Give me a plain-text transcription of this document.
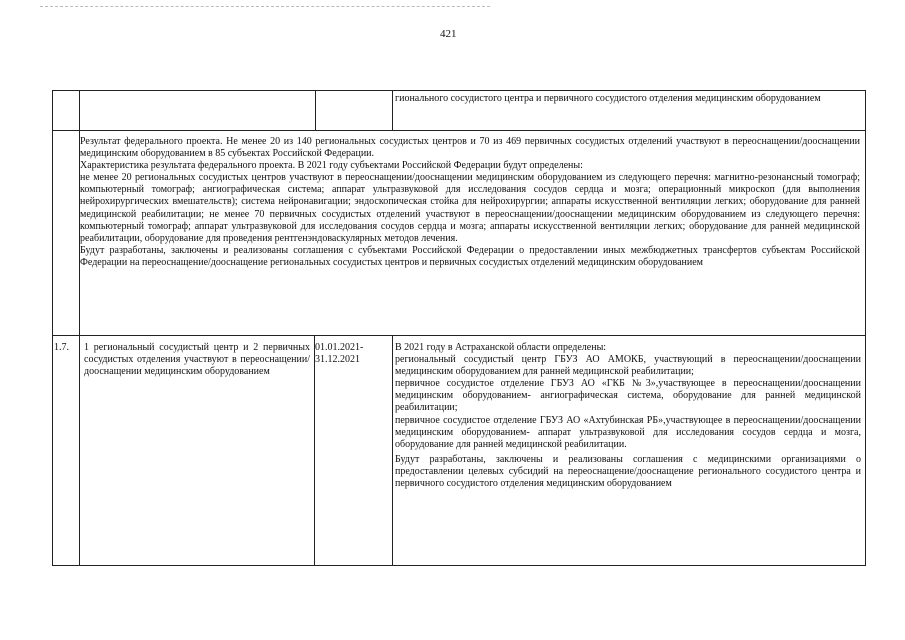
421
гионального сосудистого центра и первичного сосудистого отделения медицинским оборудованием

Результат федерального проекта. Не менее 20 из 140 региональных сосудистых центров и 70 из 469 первичных сосудистых отделений участвуют в переоснащении/дооснащении медицинским оборудованием в 85 субъектах Российской Федерации.

Характеристика результата федерального проекта. В 2021 году субъектами Российской Федерации будут определены:

не менее 20 региональных сосудистых центров участвуют в переоснащении/дооснащении медицинским оборудованием из следующего перечня: магнитно-резонансный томограф; компьютерный томограф; ангиографическая система; аппарат ультразвуковой для исследования сосудов сердца и мозга; операционный микроскоп (для выполнения нейрохирургических вмешательств); система нейронавигации; эндоскопическая стойка для нейрохирургии; аппараты искусственной вентиляции легких; оборудование для ранней медицинской реабилитации; не менее 70 первичных сосудистых отделений участвуют в переоснащении/дооснащении медицинским оборудованием из следующего перечня: компьютерный томограф; аппарат ультразвуковой для исследования сосудов сердца и мозга; аппараты искусственной вентиляции легких; оборудование для ранней медицинской реабилитации, оборудование для проведения рентгенэндоваскулярных методов лечения.

Будут разработаны, заключены и реализованы соглашения с субъектами Российской Федерации о предоставлении иных межбюджетных трансфертов субъектам Российской Федерации на переоснащение/дооснащение региональных сосудистых центров и первичных сосудистых отделений медицинским оборудованием

1.7. 1 региональный сосудистый центр и 2 первичных сосудистых отделения участвуют в переоснащении/дооснащении медицинским оборудованием

01.01.2021-

31.12.2021

В 2021 году в Астраханской области определены:

региональный сосудистый центр ГБУЗ АО АМОКБ, участвующий в переоснащении/дооснащении медицинским оборудованием для ранней медицинской реабилитации;

первичное сосудистое отделение ГБУЗ АО «ГКБ №3»,участвующее в переоснащении/дооснащении медицинским оборудованием- ангиографическая система, оборудование для ранней медицинской реабилитации;

первичное сосудистое отделение ГБУЗ АО «Ахтубинская РБ»,участвующее в переоснащении/дооснащении медицинским оборудованием- аппарат ультразвуковой для исследования сосудов сердца и мозга, оборудование для ранней медицинской реабилитации.

Будут разработаны, заключены и реализованы соглашения с медицинскими организациями о предоставлении целевых субсидий на переоснащение/дооснащение регионального сосудистого центра и первичного сосудистого отделения медицинским оборудованием
